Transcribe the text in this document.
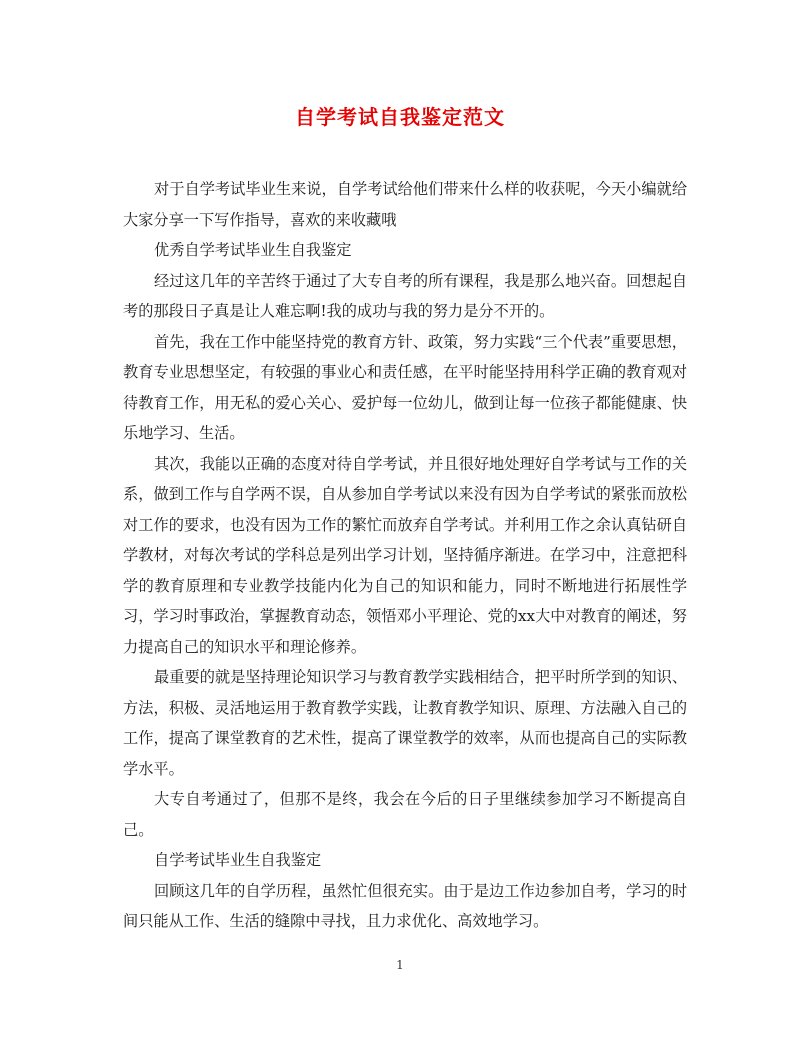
自学考试自我鉴定范文

对于自学考试毕业生来说，自学考试给他们带来什么样的收获呢，今天小编就给大家分享一下写作指导，喜欢的来收藏哦

优秀自学考试毕业生自我鉴定

经过这几年的辛苦终于通过了大专自考的所有课程，我是那么地兴奋。回想起自考的那段日子真是让人难忘啊!我的成功与我的努力是分不开的。

首先，我在工作中能坚持党的教育方针、政策，努力实践“三个代表”重要思想，教育专业思想坚定，有较强的事业心和责任感，在平时能坚持用科学正确的教育观对待教育工作，用无私的爱心关心、爱护每一位幼儿，做到让每一位孩子都能健康、快乐地学习、生活。

其次，我能以正确的态度对待自学考试，并且很好地处理好自学考试与工作的关系，做到工作与自学两不误，自从参加自学考试以来没有因为自学考试的紧张而放松对工作的要求，也没有因为工作的繁忙而放弃自学考试。并利用工作之余认真钻研自学教材，对每次考试的学科总是列出学习计划，坚持循序渐进。在学习中，注意把科学的教育原理和专业教学技能内化为自己的知识和能力，同时不断地进行拓展性学习，学习时事政治，掌握教育动态，领悟邓小平理论、党的xx大中对教育的阐述，努力提高自己的知识水平和理论修养。

最重要的就是坚持理论知识学习与教育教学实践相结合，把平时所学到的知识、方法，积极、灵活地运用于教育教学实践，让教育教学知识、原理、方法融入自己的工作，提高了课堂教育的艺术性，提高了课堂教学的效率，从而也提高自己的实际教学水平。

大专自考通过了，但那不是终，我会在今后的日子里继续参加学习不断提高自己。

自学考试毕业生自我鉴定

回顾这几年的自学历程，虽然忙但很充实。由于是边工作边参加自考，学习的时间只能从工作、生活的缝隙中寻找，且力求优化、高效地学习。

1
